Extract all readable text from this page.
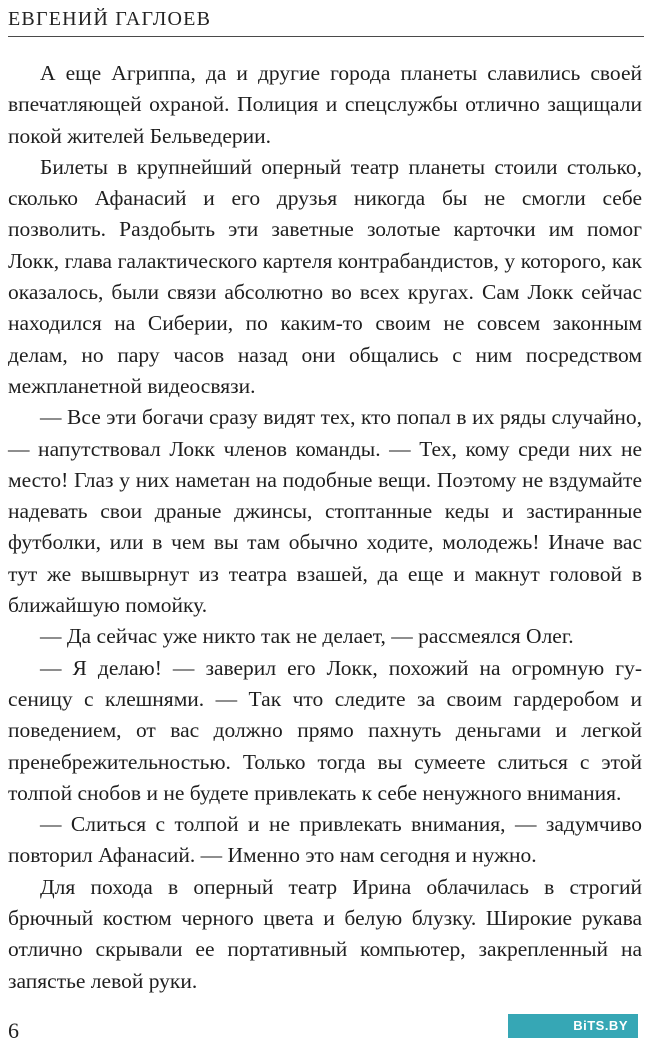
ЕВГЕНИЙ ГАГЛОЕВ

А еще Агриппа, да и другие города планеты славились своей впечатляющей охраной. Полиция и спецслужбы отлично защищали покой жителей Бельведерии.

Билеты в крупнейший оперный театр планеты стоили столько, сколько Афанасий и его друзья никогда бы не смогли себе позволить. Раздобыть эти заветные золотые карточки им помог Локк, глава галактического картеля контрабандистов, у которого, как оказалось, были связи абсолютно во всех кругах. Сам Локк сейчас находился на Сиберии, по каким-то своим не совсем законным делам, но пару часов назад они общались с ним посредством межпланетной видеосвязи.

— Все эти богачи сразу видят тех, кто попал в их ряды случайно, — напутствовал Локк членов команды. — Тех, кому среди них не место! Глаз у них наметан на подобные вещи. Поэтому не вздумайте надевать свои драные джинсы, стоптанные кеды и застиранные футболки, или в чем вы там обычно ходите, молодежь! Иначе вас тут же вышвырнут из театра взашей, да еще и макнут головой в ближайшую помойку.

— Да сейчас уже никто так не делает, — рассмеялся Олег.

— Я делаю! — заверил его Локк, похожий на огромную гусеницу с клешнями. — Так что следите за своим гардеробом и поведением, от вас должно прямо пахнуть деньгами и легкой пренебрежительностью. Только тогда вы сумеете слиться с этой толпой снобов и не будете привлекать к себе ненужного внимания.

— Слиться с толпой и не привлекать внимания, — задумчиво повторил Афанасий. — Именно это нам сегодня и нужно.

Для похода в оперный театр Ирина облачилась в строгий брючный костюм черного цвета и белую блузку. Широкие рукава отлично скрывали ее портативный компьютер, закрепленный на запястье левой руки.

6	BiTS.BY
